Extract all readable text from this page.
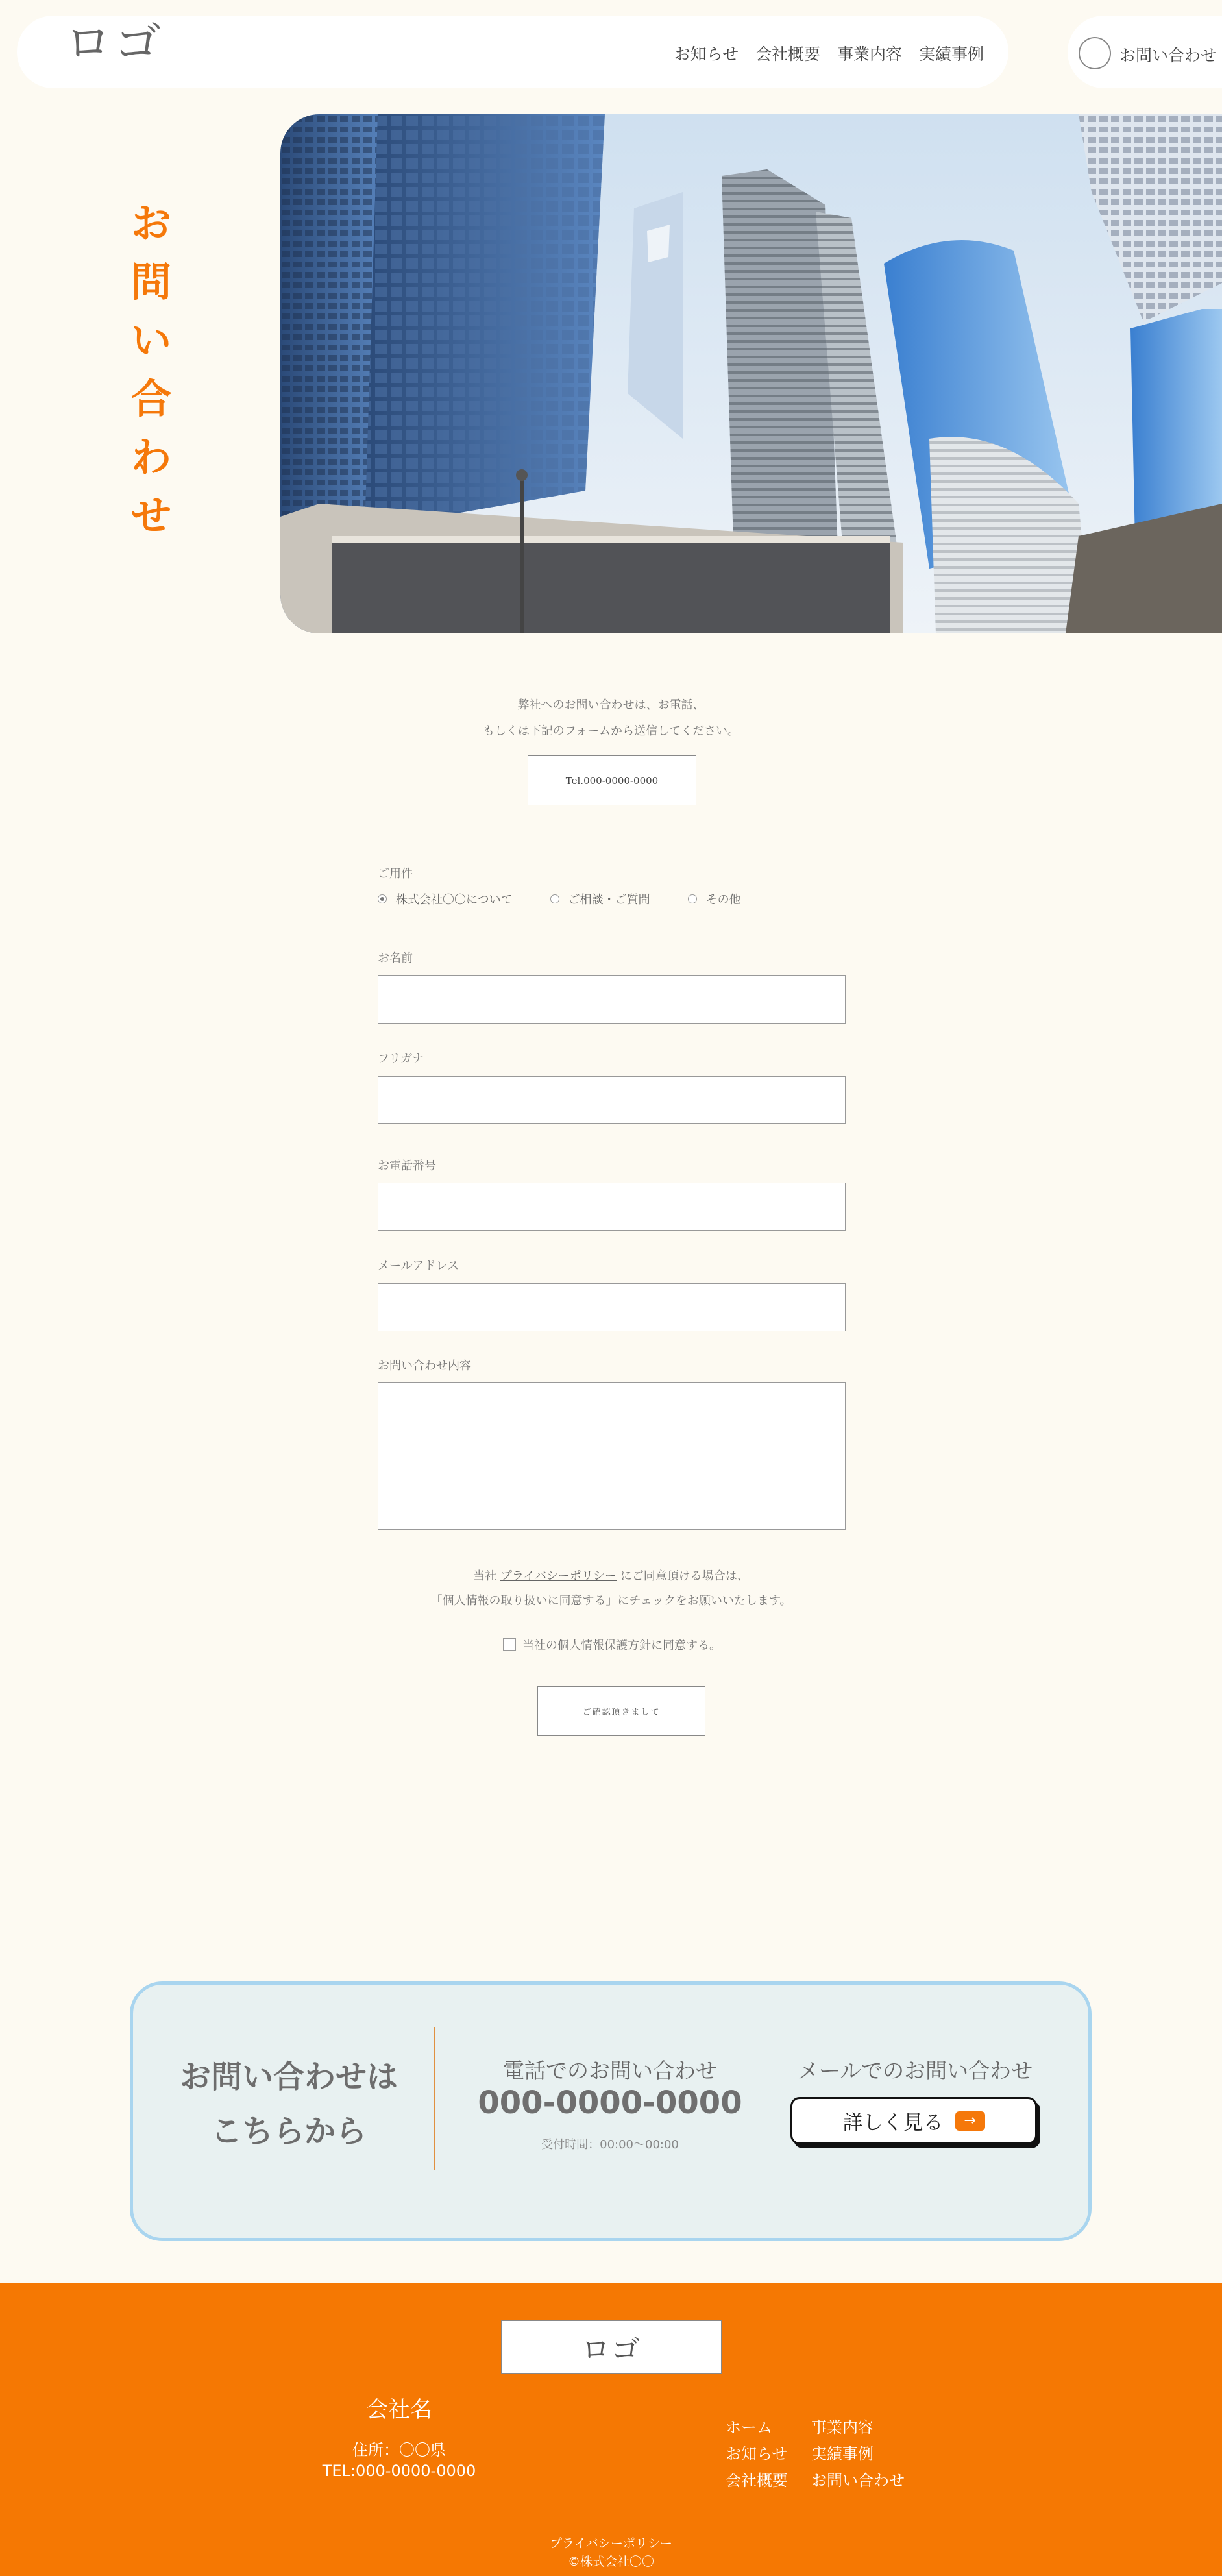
ロゴ	お知らせ 会社概要 事業内容 実績事例	お問い合わせ
お
問
い
合
わ
せ
弊社へのお問い合わせは、お電話、
もしくは下記のフォームから送信してください。
Tel.000-0000-0000
ご用件
株式会社〇〇について	ご相談・ご質問	その他
お名前
フリガナ
お電話番号
メールアドレス
お問い合わせ内容
当社 プライバシーポリシー にご同意頂ける場合は、
「個人情報の取り扱いに同意する」にチェックをお願いいたします。
当社の個人情報保護方針に同意する。
ご確認頂きまして
お問い合わせは
こちらから
電話でのお問い合わせ
000-0000-0000
受付時間：00:00〜00:00
メールでのお問い合わせ
詳しく見る	→
ロゴ
会社名
住所：〇〇県
TEL:000-0000-0000
ホーム	事業内容
お知らせ 実績事例
会社概要 お問い合わせ
プライバシーポリシー
©株式会社〇〇
